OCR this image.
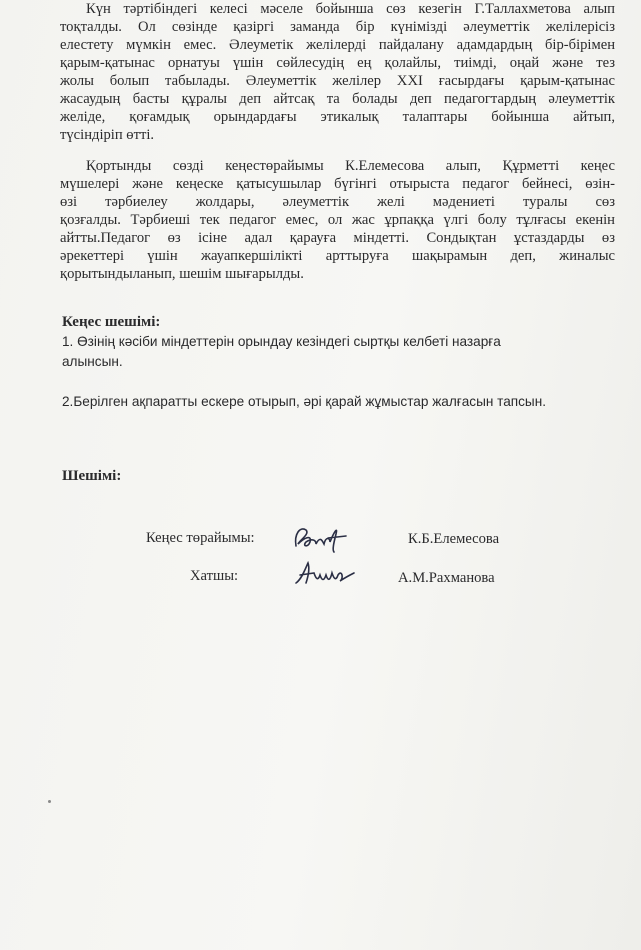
Күн тәртібіндегі келесі мәселе бойынша сөз кезегін Г.Таллахметова алып
тоқталды. Ол сөзінде қазіргі заманда бір күнімізді әлеуметтік желілерісіз
елестету мүмкін емес. Әлеуметік желілерді пайдалану адамдардың бір-бірімен
қарым-қатынас орнатуы үшін сөйлесудің ең қолайлы, тиімді, оңай және тез
жолы болып табылады. Әлеуметтік желілер XXI ғасырдағы қарым-қатынас
жасаудың басты құралы деп айтсақ та болады деп педагогтардың әлеуметтік
желіде, қоғамдық орындардағы этикалық талаптары бойынша айтып,
түсіндіріп өтті.
Қортынды сөзді кеңестөрайымы К.Елемесова алып, Құрметті кеңес
мүшелері және кеңеске қатысушылар бүгінгі отырыста педагог бейнесі, өзін-
өзі тәрбиелеу жолдары, әлеуметтік желі мәдениеті туралы сөз
қозғалды. Тәрбиеші тек педагог емес, ол жас ұрпаққа үлгі болу тұлғасы екенін
айтты.Педагог өз ісіне адал қарауға міндетті. Сондықтан ұстаздарды өз
әрекеттері үшін жауапкершілікті арттыруға шақырамын деп, жиналыс
қорытындыланып, шешім шығарылды.
Кеңес шешімі:
1. Өзінің кәсіби міндеттерін орындау кезіндегі сыртқы келбеті назарға
алынсын.
2.Берілген ақпаратты ескере отырып, әрі қарай жұмыстар жалғасын тапсын.
Шешімі:
Кеңес төрайымы:	К.Б.Елемесова
Хатшы:	А.М.Рахманова
